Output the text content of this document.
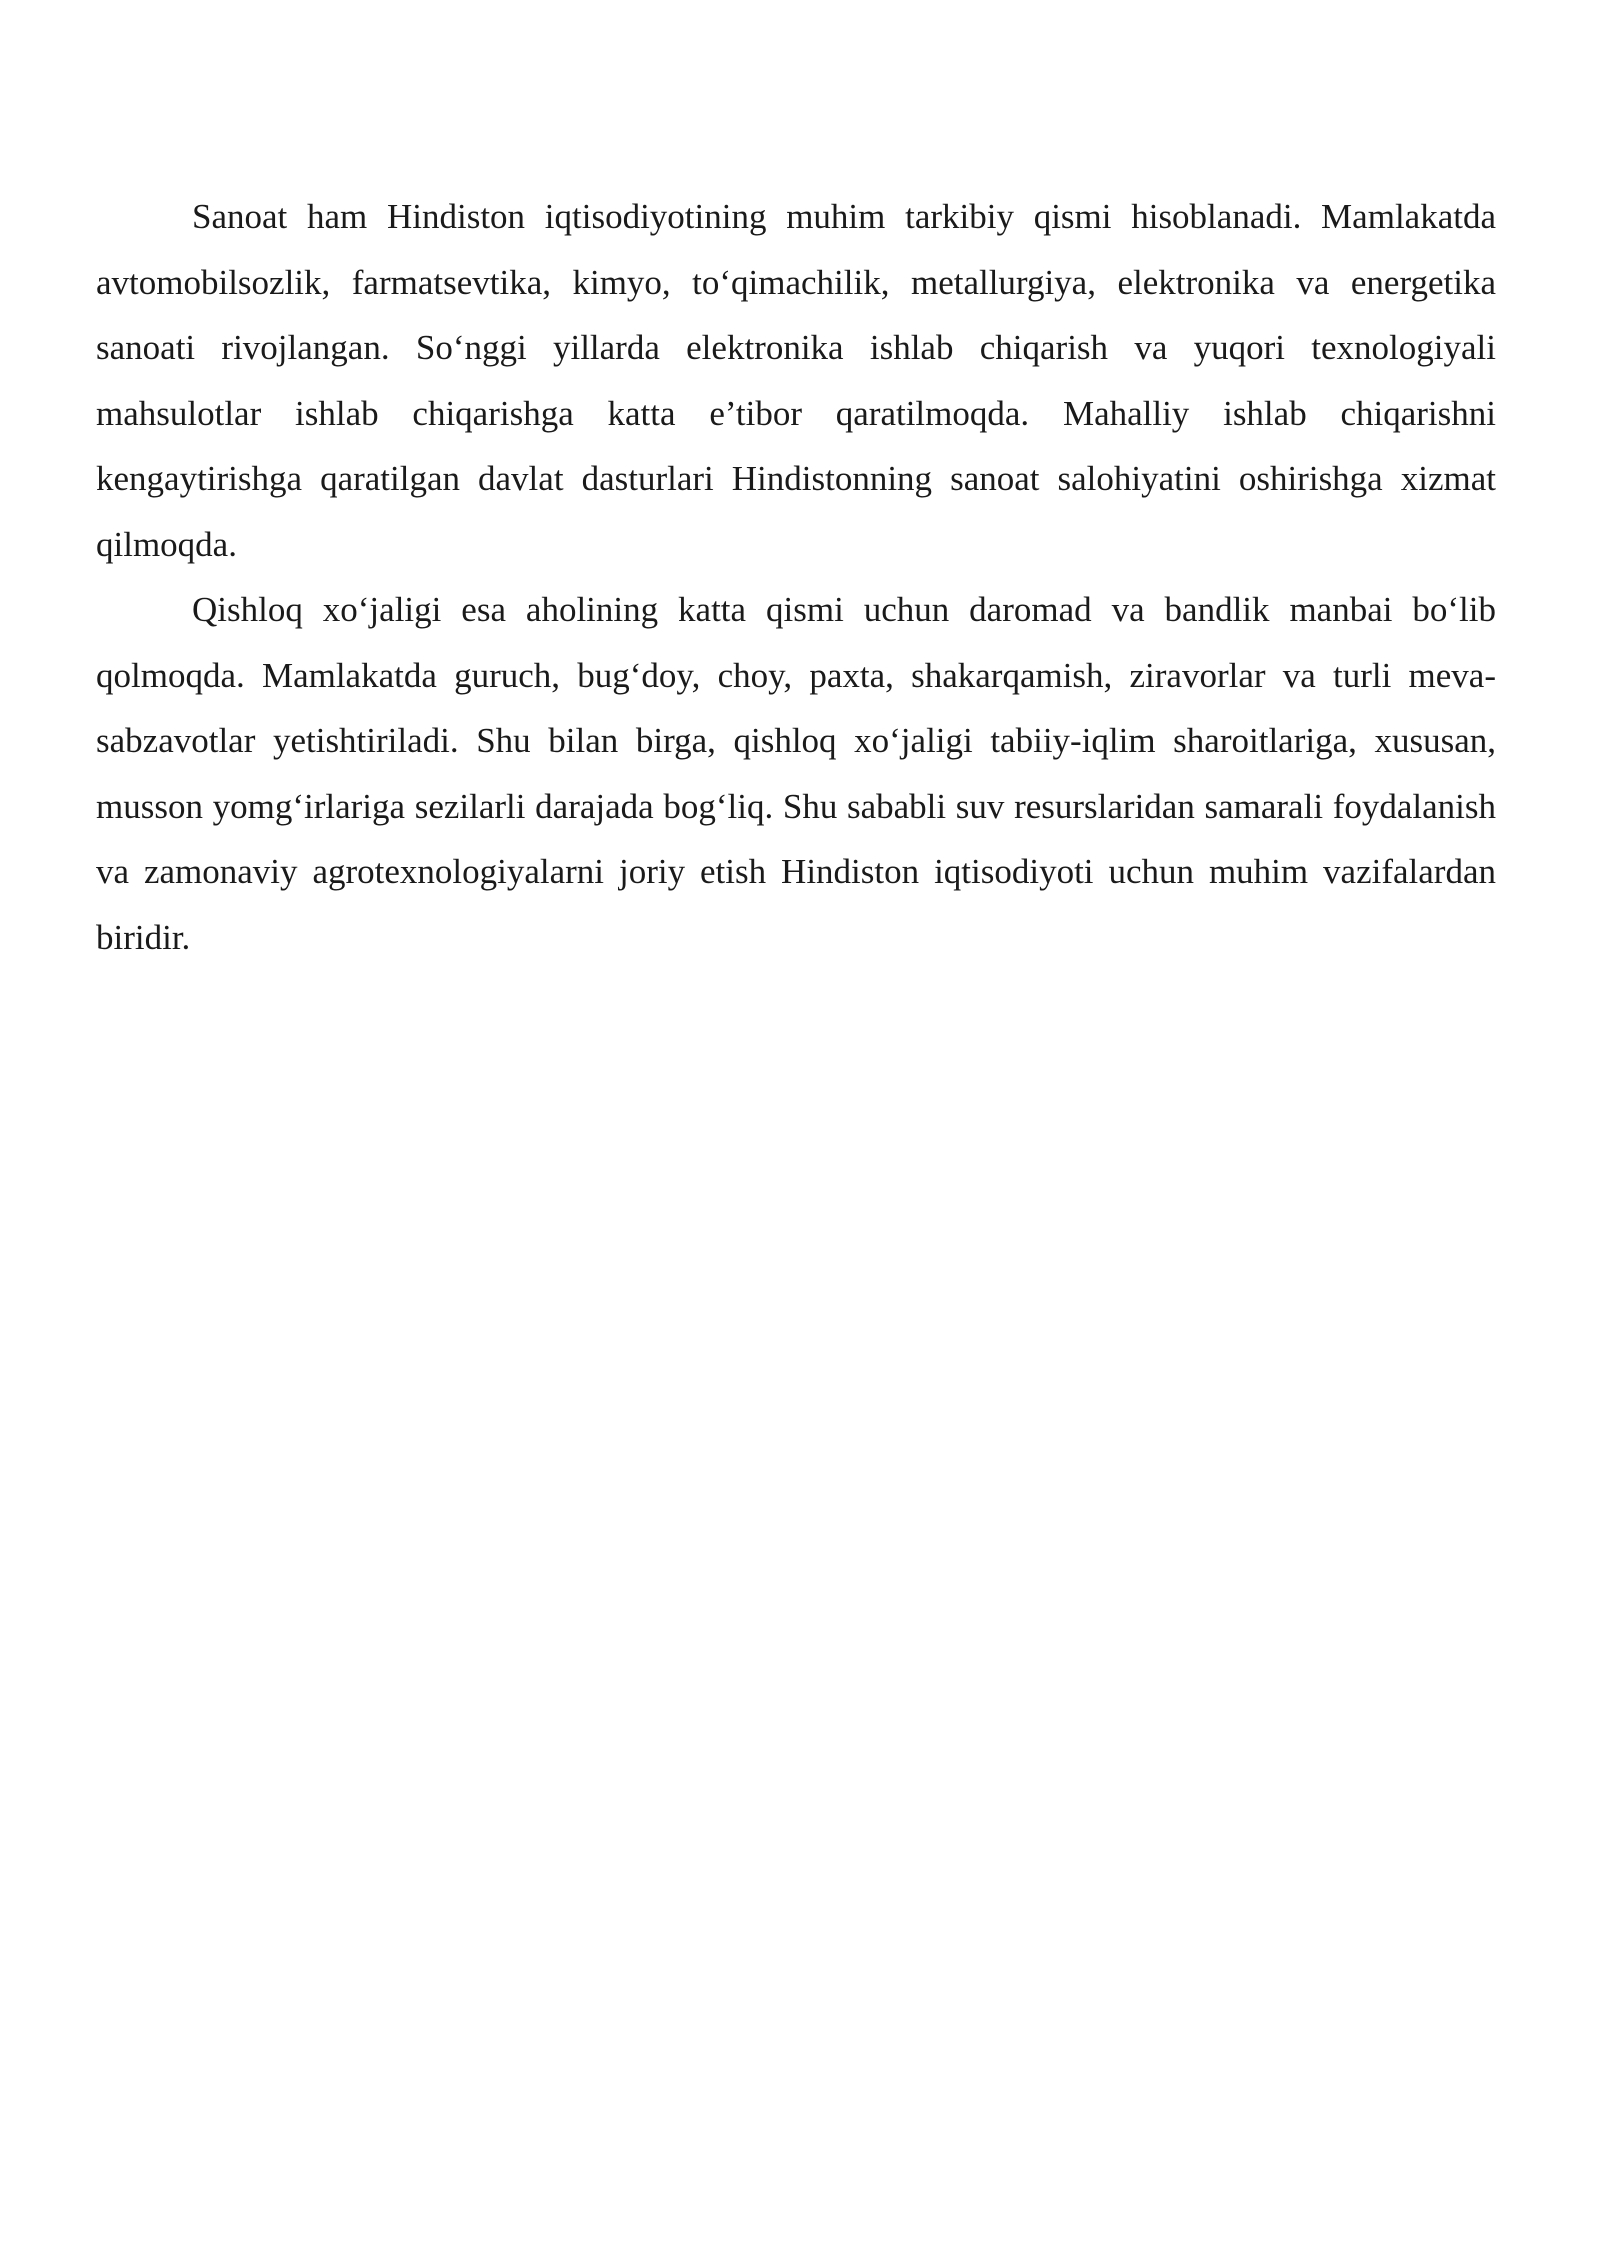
Sanoat ham Hindiston iqtisodiyotining muhim tarkibiy qismi hisoblanadi. Mamlakatda avtomobilsozlik, farmatsevtika, kimyo, to‘qimachilik, metallurgiya, elektronika va energetika sanoati rivojlangan. So‘nggi yillarda elektronika ishlab chiqarish va yuqori texnologiyali mahsulotlar ishlab chiqarishga katta e’tibor qaratilmoqda. Mahalliy ishlab chiqarishni kengaytirishga qaratilgan davlat dasturlari Hindistonning sanoat salohiyatini oshirishga xizmat qilmoqda.

Qishloq xo‘jaligi esa aholining katta qismi uchun daromad va bandlik manbai bo‘lib qolmoqda. Mamlakatda guruch, bug‘doy, choy, paxta, shakarqamish, ziravorlar va turli meva-sabzavotlar yetishtiriladi. Shu bilan birga, qishloq xo‘jaligi tabiiy-iqlim sharoitlariga, xususan, musson yomg‘irlariga sezilarli darajada bog‘liq. Shu sababli suv resurslaridan samarali foydalanish va zamonaviy agrotexnologiyalarni joriy etish Hindiston iqtisodiyoti uchun muhim vazifalardan biridir.
